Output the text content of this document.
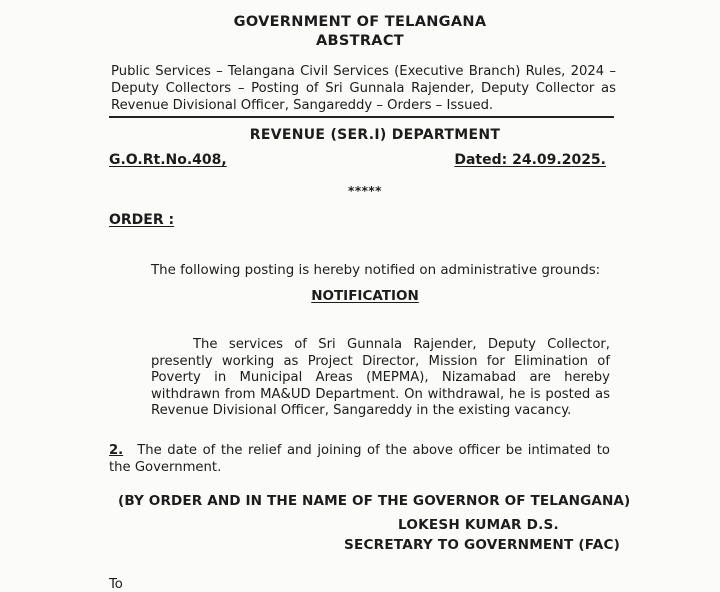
GOVERNMENT OF TELANGANA
ABSTRACT
Public Services – Telangana Civil Services (Executive Branch) Rules, 2024 – Deputy Collectors – Posting of Sri Gunnala Rajender, Deputy Collector as Revenue Divisional Officer, Sangareddy – Orders – Issued.
REVENUE (SER.I) DEPARTMENT
G.O.Rt.No.408,	Dated: 24.09.2025.
*****
ORDER :
The following posting is hereby notified on administrative grounds:
NOTIFICATION
The services of Sri Gunnala Rajender, Deputy Collector, presently working as Project Director, Mission for Elimination of Poverty in Municipal Areas (MEPMA), Nizamabad are hereby withdrawn from MA&UD Department. On withdrawal, he is posted as Revenue Divisional Officer, Sangareddy in the existing vacancy.
2. The date of the relief and joining of the above officer be intimated to the Government.
(BY ORDER AND IN THE NAME OF THE GOVERNOR OF TELANGANA)
LOKESH KUMAR D.S.
SECRETARY TO GOVERNMENT (FAC)
To
